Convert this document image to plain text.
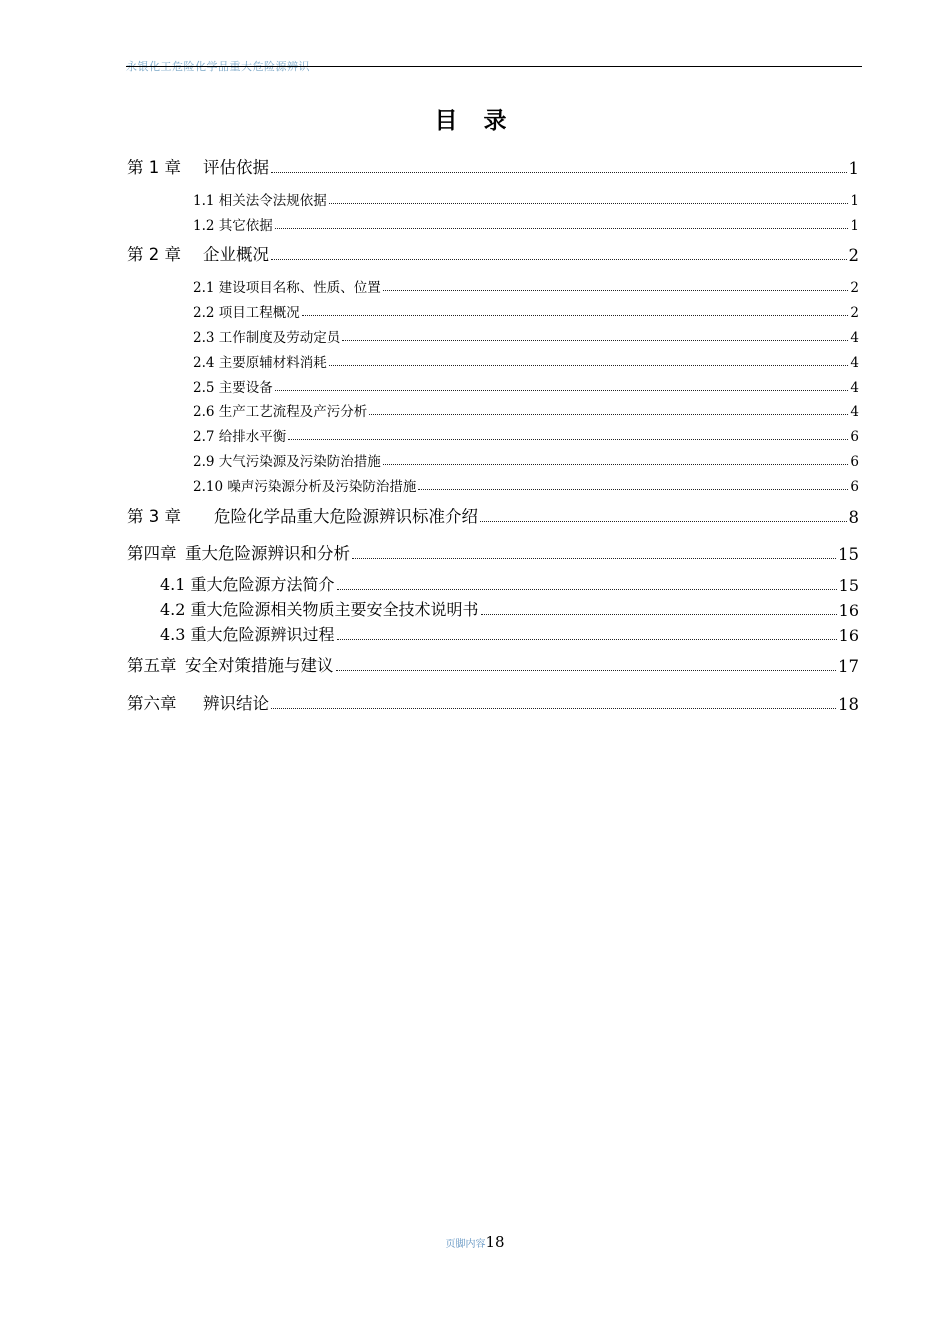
永银化工危险化学品重大危险源辨识
目 录
第 1 章 评估依据	1
1.1 相关法令法规依据	1
1.2 其它依据	1
第 2 章 企业概况	2
2.1 建设项目名称、性质、位置	2
2.2 项目工程概况	2
2.3 工作制度及劳动定员	4
2.4 主要原辅材料消耗	4
2.5 主要设备	4
2.6 生产工艺流程及产污分析	4
2.7 给排水平衡	6
2.9 大气污染源及污染防治措施	6
2.10 噪声污染源分析及污染防治措施	6
第 3 章 危险化学品重大危险源辨识标准介绍	8
第四章 重大危险源辨识和分析	15
4.1 重大危险源方法简介	15
4.2 重大危险源相关物质主要安全技术说明书	16
4.3 重大危险源辨识过程	16
第五章 安全对策措施与建议	17
第六章 辨识结论	18
页脚内容18
